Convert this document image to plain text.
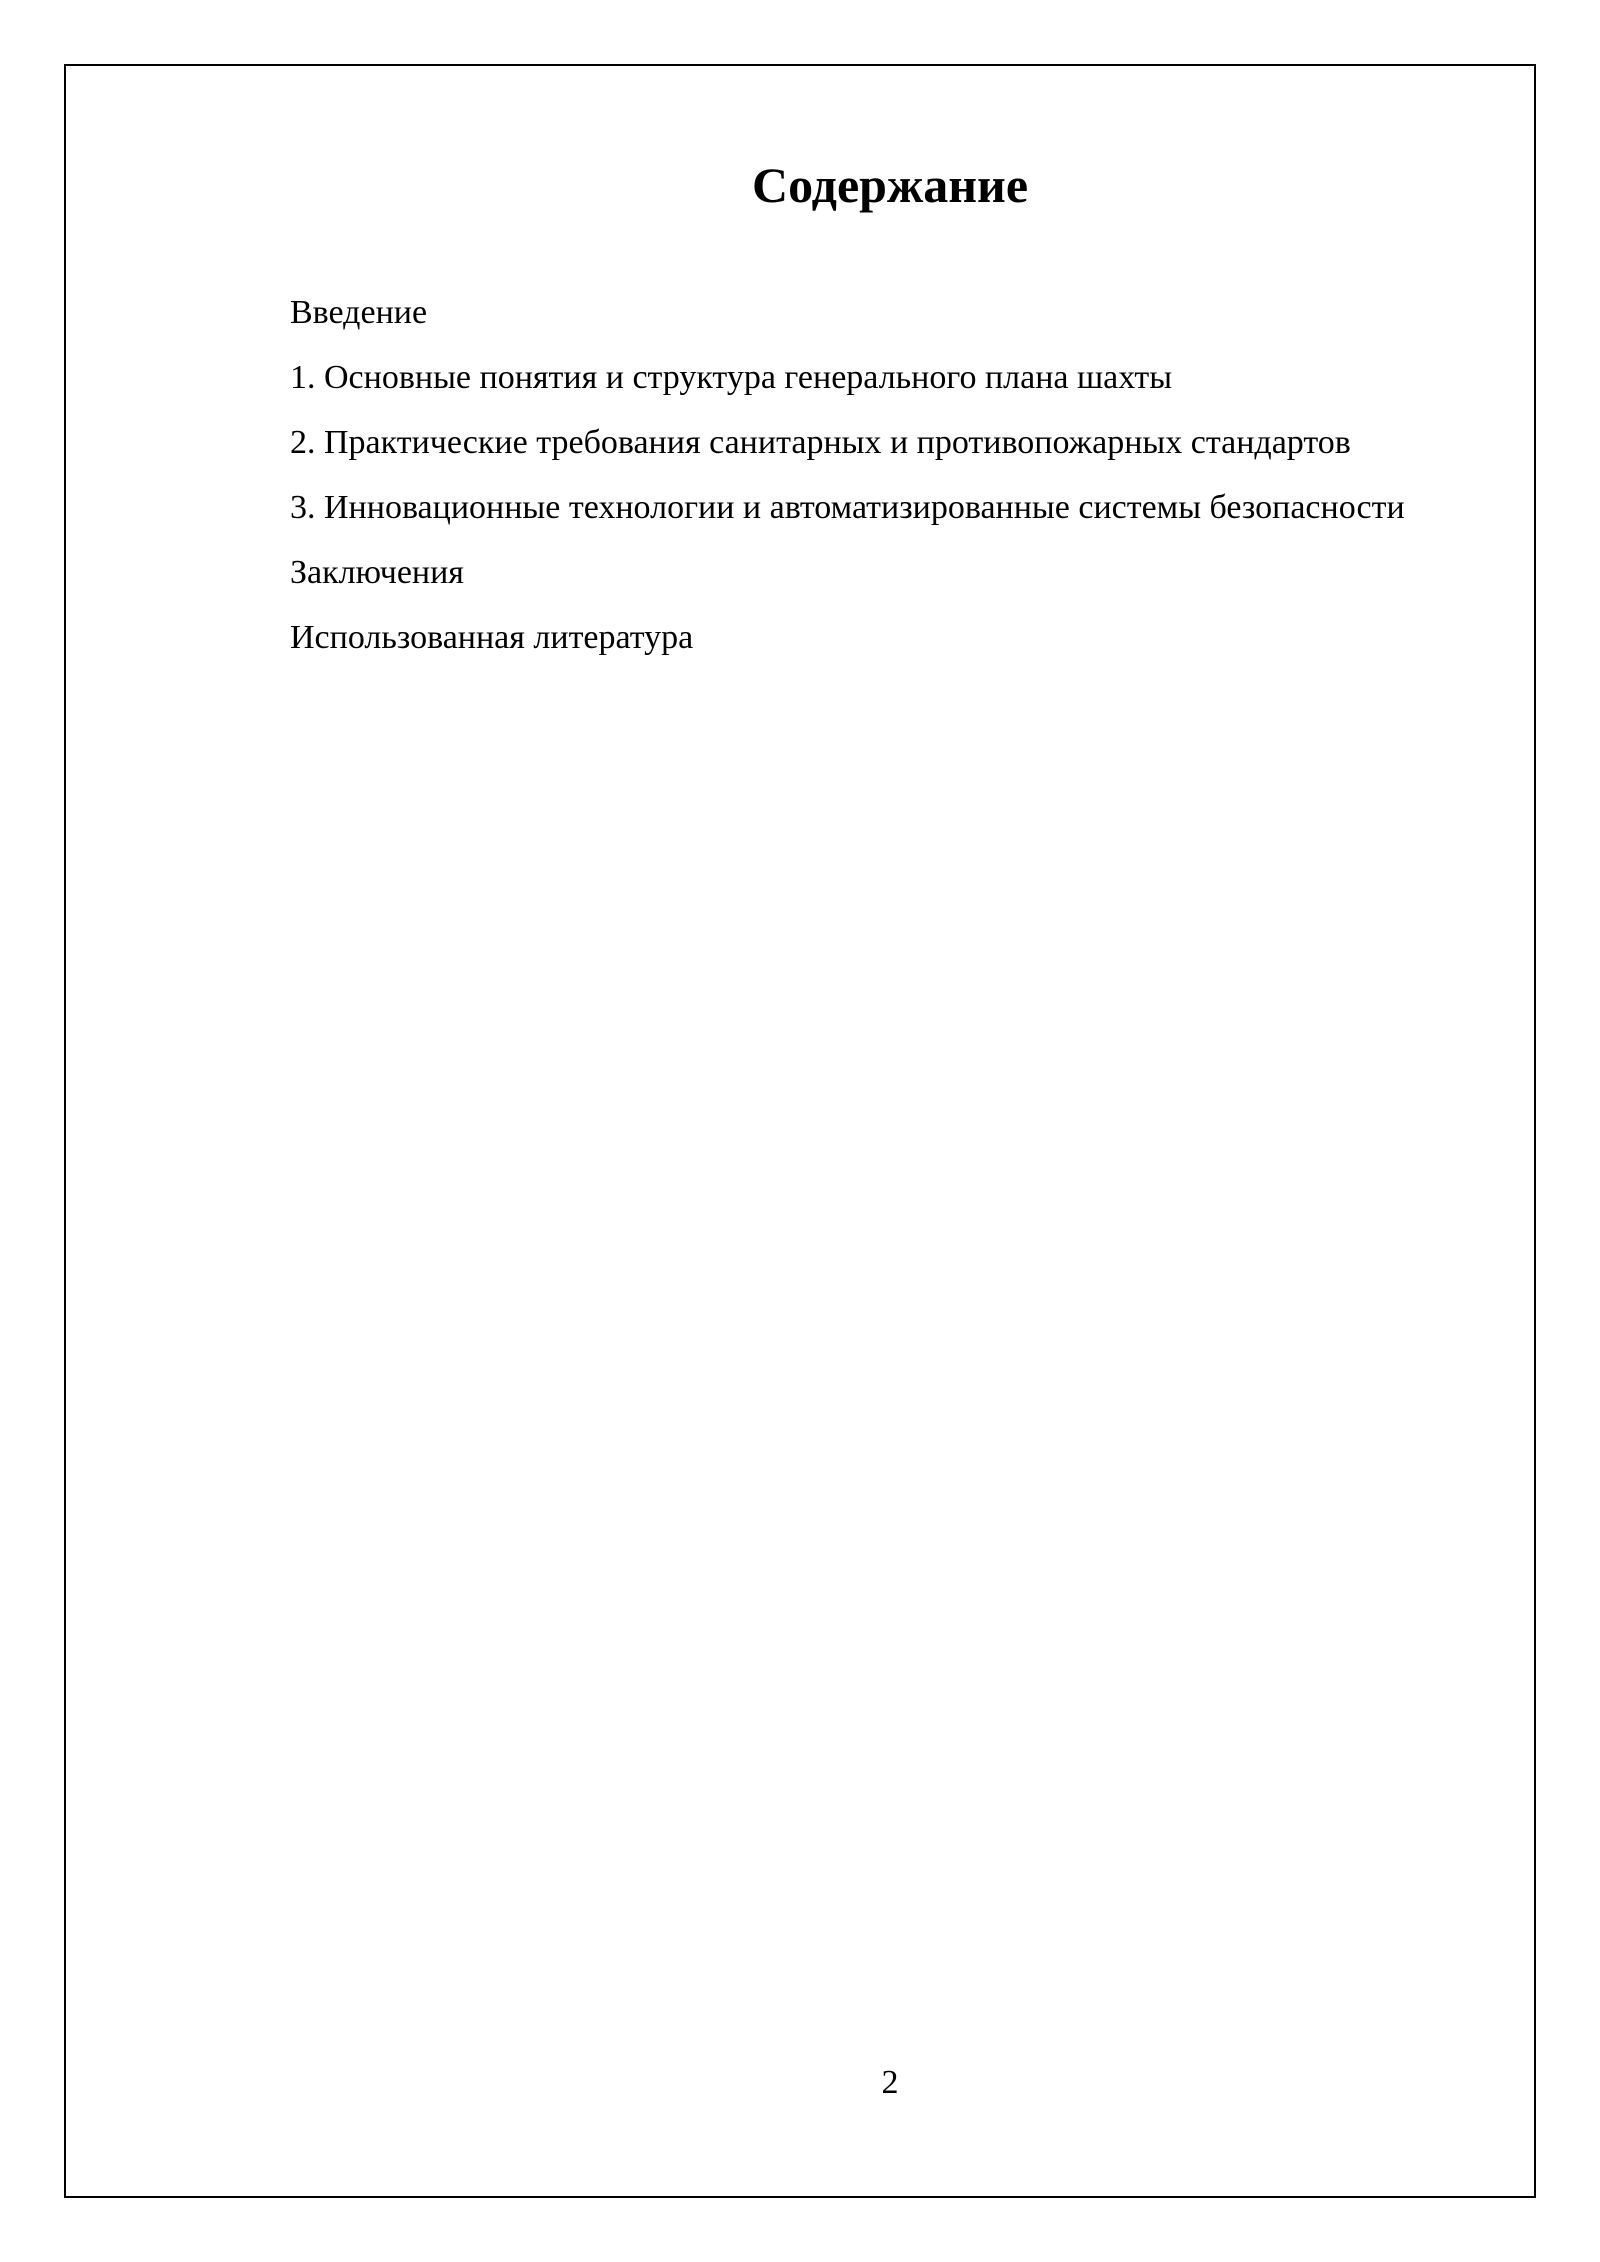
Содержание
Введение
1. Основные понятия и структура генерального плана шахты
2. Практические требования санитарных и противопожарных стандартов
3. Инновационные технологии и автоматизированные системы безопасности
Заключения
Использованная литература
2
